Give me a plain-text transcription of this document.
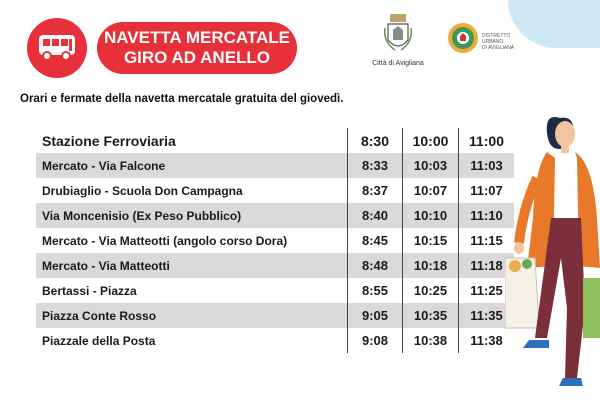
NAVETTA MERCATALE
GIRO AD ANELLO	Città di Avigliana
DISTRETTO
URBANO
DI AVIGLIANA
Orari e fermate della navetta mercatale gratuita del giovedì.
Stazione Ferroviaria	8:30	10:00	11:00
Mercato - Via Falcone	8:33	10:03	11:03
Drubiaglio - Scuola Don Campagna	8:37	10:07	11:07
Via Moncenisio (Ex Peso Pubblico)	8:40	10:10	11:10
Mercato - Via Matteotti (angolo corso Dora)	8:45	10:15	11:15
Mercato - Via Matteotti	8:48	10:18	11:18
Bertassi - Piazza	8:55	10:25	11:25
Piazza Conte Rosso	9:05	10:35	11:35
Piazzale della Posta	9:08	10:38	11:38
